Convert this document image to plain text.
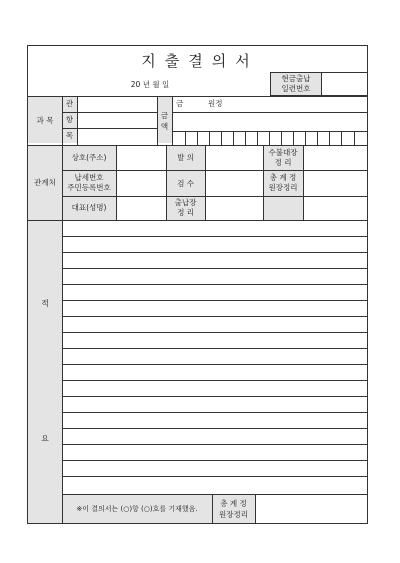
지출결의서
20 년 월 일
현금출납
일련번호
과 목
관
항
목
금
액
금	원정
관계처
상호(주소)
납세번호
주민등록번호
대표(성명)
발 의
검 수
출납장
정 리
수불대장
정 리
총 계 정
원장정리
적
요
※이 결의서는 (○)항 (○)호를 기재했음.
총 계 정
원장정리
